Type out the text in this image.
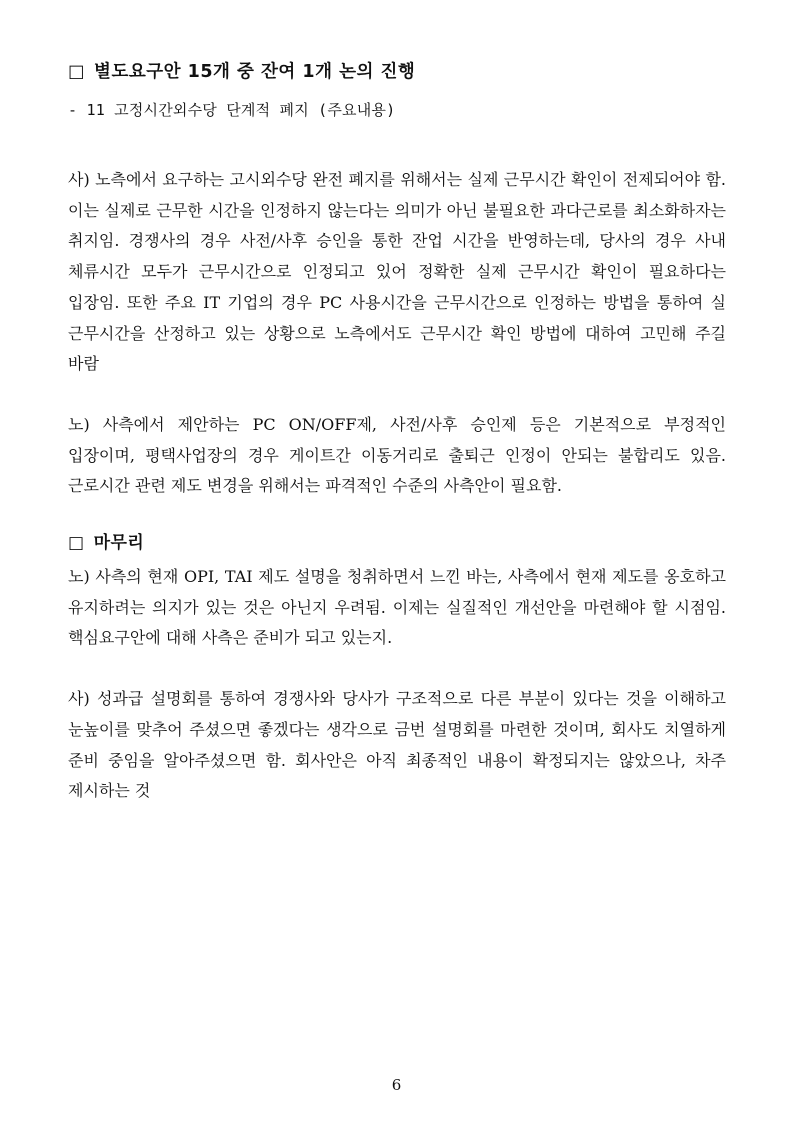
□ 별도요구안 15개 중 잔여 1개 논의 진행
- 11 고정시간외수당 단계적 폐지 (주요내용)

사) 노측에서 요구하는 고시외수당 완전 폐지를 위해서는 실제 근무시간 확인이 전제되어야 함. 이는 실제로 근무한 시간을 인정하지 않는다는 의미가 아닌 불필요한 과다근로를 최소화하자는 취지임. 경쟁사의 경우 사전/사후 승인을 통한 잔업 시간을 반영하는데, 당사의 경우 사내 체류시간 모두가 근무시간으로 인정되고 있어 정확한 실제 근무시간 확인이 필요하다는 입장임. 또한 주요 IT 기업의 경우 PC 사용시간을 근무시간으로 인정하는 방법을 통하여 실 근무시간을 산정하고 있는 상황으로 노측에서도 근무시간 확인 방법에 대하여 고민해 주길 바람

노) 사측에서 제안하는 PC ON/OFF제, 사전/사후 승인제 등은 기본적으로 부정적인 입장이며, 평택사업장의 경우 게이트간 이동거리로 출퇴근 인정이 안되는 불합리도 있음. 근로시간 관련 제도 변경을 위해서는 파격적인 수준의 사측안이 필요함.

□ 마무리

노) 사측의 현재 OPI, TAI 제도 설명을 청취하면서 느낀 바는, 사측에서 현재 제도를 옹호하고 유지하려는 의지가 있는 것은 아닌지 우려됨. 이제는 실질적인 개선안을 마련해야 할 시점임. 핵심요구안에 대해 사측은 준비가 되고 있는지.

사) 성과급 설명회를 통하여 경쟁사와 당사가 구조적으로 다른 부분이 있다는 것을 이해하고 눈높이를 맞추어 주셨으면 좋겠다는 생각으로 금번 설명회를 마련한 것이며, 회사도 치열하게 준비 중임을 알아주셨으면 함. 회사안은 아직 최종적인 내용이 확정되지는 않았으나, 차주 제시하는 것

6
